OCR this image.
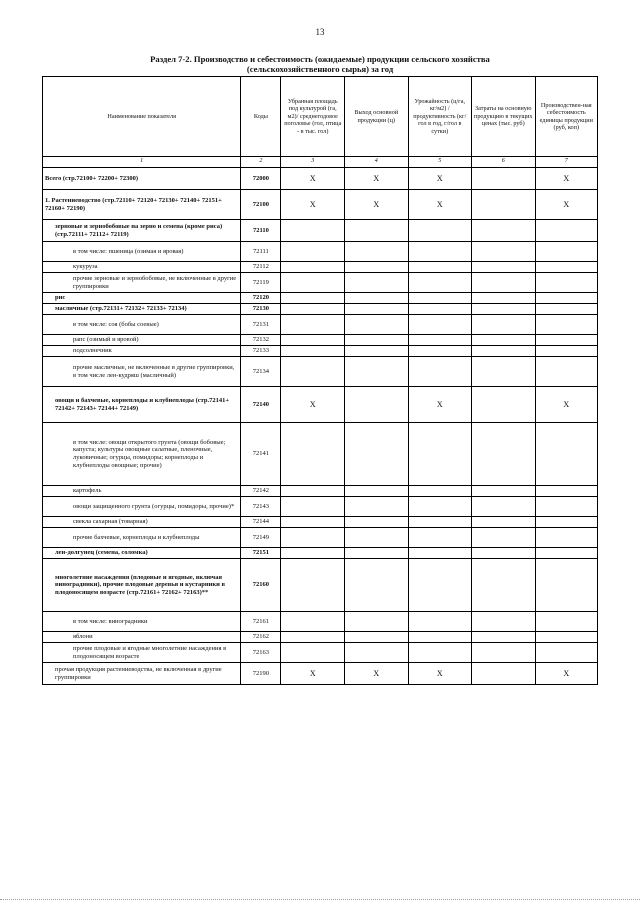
13
Раздел 7-2. Производство и себестоимость (ожидаемые) продукции сельского хозяйства
(сельскохозяйственного сырья) за год
Наименование показателя	Коды	Убранная площадь под культурой (га, м2)/ среднегодовое поголовье (гол, птица - в тыс. гол)	Выход основной продукции (ц)	Урожайность (ц/га, кг/м2) / продуктивность (кг/гол в год, г/гол в сутки)	Затраты на основную продукцию в текущих ценах (тыс. руб)	Производствен-ная себестоимость единицы продукции (руб, коп)
1	2	3	4	5	6	7
Всего (стр.72100+ 72200+ 72300)	72000	X	X	X		X
1. Растениеводство (стр.72110+ 72120+ 72130+ 72140+ 72151+ 72160+ 72190)	72100	X	X	X		X
зерновые и зернобобовые на зерно и семена (кроме риса) (стр.72111+ 72112+ 72119)	72110					
в том числе: пшеница (озимая и яровая)	72111					
кукуруза	72112					
прочие зерновые и зернобобовые, не включенные в другие группировки	72119					
рис	72120					
масличные (стр.72131+ 72132+ 72133+ 72134)	72130					
в том числе: соя (бобы соевые)	72131					
рапс (озимый и яровой)	72132					
подсолнечник	72133					
прочие масличные, не включенные в другие группировки, в том числе лен-кудряш (масличный)	72134					
овощи и бахчевые, корнеплоды и клубнеплоды (стр.72141+ 72142+ 72143+ 72144+ 72149)	72140	X		X		X
в том числе: овощи открытого грунта (овощи бобовые; капуста; культуры овощные салатные, пленочные, луковичные; огурцы, помидоры; корнеплоды и клубнеплоды овощные; прочие)	72141					
картофель	72142					
овощи защищенного грунта (огурцы, помидоры, прочие)*	72143					
свекла сахарная (товарная)	72144					
прочие бахчевые, корнеплоды и клубнеплоды	72149					
лен-долгунец (семена, соломка)	72151					
многолетние насаждения (плодовые и ягодные, включая виноградники), прочие плодовые деревья и кустарники в плодоносящем возрасте (стр.72161+ 72162+ 72163)**	72160					
в том числе: виноградники	72161					
яблони	72162					
прочие плодовые и ягодные многолетние насаждения в плодоносящем возрасте	72163					
прочая продукция растениеводства, не включенная в другие группировки	72190	X	X	X		X
